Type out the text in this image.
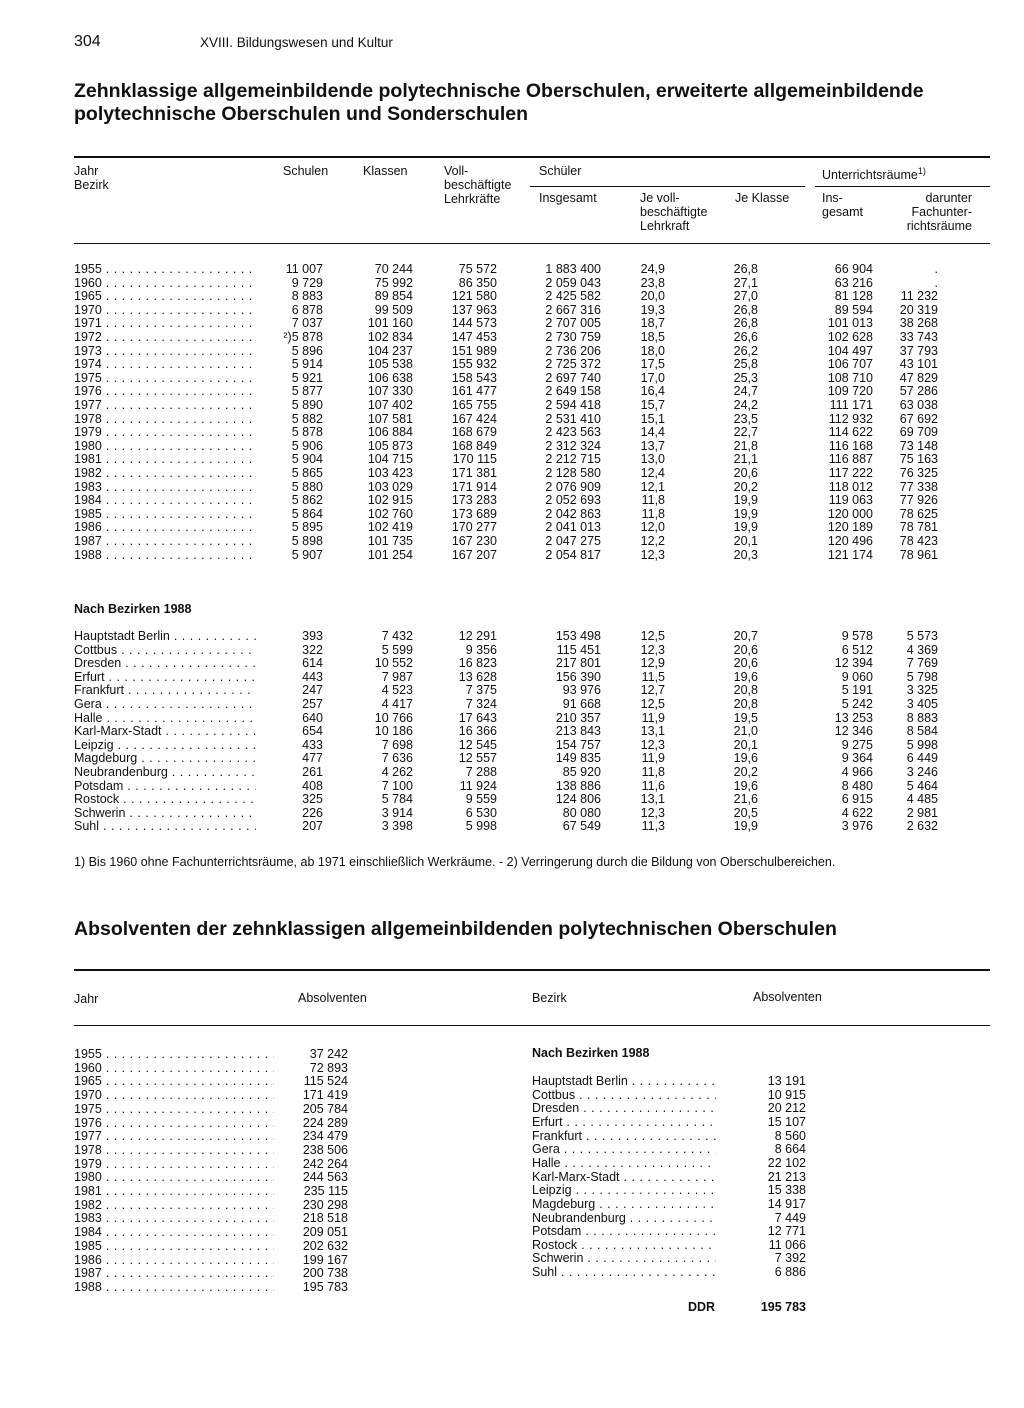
304	XVIII. Bildungswesen und Kultur
Zehnklassige allgemeinbildende polytechnische Oberschulen, erweiterte allgemeinbildende polytechnische Oberschulen und Sonderschulen
Jahr
Bezirk
Schulen	Klassen	Voll-
beschäftigte
Lehrkräfte
Schüler
Insgesamt	Je voll-
beschäftigte
Lehrkraft
Je Klasse
Unterrichtsräume$^{1)}$
Ins-
gesamt
darunter
Fachunter-
richtsräume
1955 . . .	11 007	70 244	75 572	1 883 400	24,9	26,8	66 904	.
1960 . . .	9 729	75 992	86 350	2 059 043	23,8	27,1	63 216	.
1965 . . .	8 883	89 854	121 580	2 425 582	20,0	27,0	81 128	11 232
1970 . . .	6 878	99 509	137 963	2 667 316	19,3	26,8	89 594	20 319
1971 . . .	7 037	101 160	144 573	2 707 005	18,7	26,8	101 013	38 268
1972 . . .	²)5 878	102 834	147 453	2 730 759	18,5	26,6	102 628	33 743
1973 . . .	5 896	104 237	151 989	2 736 206	18,0	26,2	104 497	37 793
1974 . . .	5 914	105 538	155 932	2 725 372	17,5	25,8	106 707	43 101
1975 . . .	5 921	106 638	158 543	2 697 740	17,0	25,3	108 710	47 829
1976 . . .	5 877	107 330	161 477	2 649 158	16,4	24,7	109 720	57 286
1977 . . .	5 890	107 402	165 755	2 594 418	15,7	24,2	111 171	63 038
1978 . . .	5 882	107 581	167 424	2 531 410	15,1	23,5	112 932	67 692
1979 . . .	5 878	106 884	168 679	2 423 563	14,4	22,7	114 622	69 709
1980 . . .	5 906	105 873	168 849	2 312 324	13,7	21,8	116 168	73 148
1981 . . .	5 904	104 715	170 115	2 212 715	13,0	21,1	116 887	75 163
1982 . . .	5 865	103 423	171 381	2 128 580	12,4	20,6	117 222	76 325
1983 . . .	5 880	103 029	171 914	2 076 909	12,1	20,2	118 012	77 338
1984 . . .	5 862	102 915	173 283	2 052 693	11,8	19,9	119 063	77 926
1985 . . .	5 864	102 760	173 689	2 042 863	11,8	19,9	120 000	78 625
1986 . . .	5 895	102 419	170 277	2 041 013	12,0	19,9	120 189	78 781
1987 . . .	5 898	101 735	167 230	2 047 275	12,2	20,1	120 496	78 423
1988 . . .	5 907	101 254	167 207	2 054 817	12,3	20,3	121 174	78 961
Nach Bezirken 1988
Hauptstadt Berlin . . .	393	7 432	12 291	153 498	12,5	20,7	9 578	5 573
Cottbus . . .	322	5 599	9 356	115 451	12,3	20,6	6 512	4 369
Dresden . . .	614	10 552	16 823	217 801	12,9	20,6	12 394	7 769
Erfurt . . .	443	7 987	13 628	156 390	11,5	19,6	9 060	5 798
Frankfurt . . .	247	4 523	7 375	93 976	12,7	20,8	5 191	3 325
Gera . . .	257	4 417	7 324	91 668	12,5	20,8	5 242	3 405
Halle . . .	640	10 766	17 643	210 357	11,9	19,5	13 253	8 883
Karl-Marx-Stadt . . .	654	10 186	16 366	213 843	13,1	21,0	12 346	8 584
Leipzig . . .	433	7 698	12 545	154 757	12,3	20,1	9 275	5 998
Magdeburg . . .	477	7 636	12 557	149 835	11,9	19,6	9 364	6 449
Neubrandenburg . . .	261	4 262	7 288	85 920	11,8	20,2	4 966	3 246
Potsdam . . .	408	7 100	11 924	138 886	11,6	19,6	8 480	5 464
Rostock . . .	325	5 784	9 559	124 806	13,1	21,6	6 915	4 485
Schwerin . . .	226	3 914	6 530	80 080	12,3	20,5	4 622	2 981
Suhl . . .	207	3 398	5 998	67 549	11,3	19,9	3 976	2 632
1) Bis 1960 ohne Fachunterrichtsräume, ab 1971 einschließlich Werkräume. - 2) Verringerung durch die Bildung von Oberschulbereichen.
Absolventen der zehnklassigen allgemeinbildenden polytechnischen Oberschulen
Jahr	Absolventen	Bezirk	Absolventen
1955 . . .	37 242
1960 . . .	72 893
1965 . . .	115 524
1970 . . .	171 419
1975 . . .	205 784
1976 . . .	224 289
1977 . . .	234 479
1978 . . .	238 506
1979 . . .	242 264
1980 . . .	244 563
1981 . . .	235 115
1982 . . .	230 298
1983 . . .	218 518
1984 . . .	209 051
1985 . . .	202 632
1986 . . .	199 167
1987 . . .	200 738
1988 . . .	195 783
Nach Bezirken 1988
Hauptstadt Berlin . . .	13 191
Cottbus . . .	10 915
Dresden . . .	20 212
Erfurt . . .	15 107
Frankfurt . . .	8 560
Gera . . .	8 664
Halle . . .	22 102
Karl-Marx-Stadt . . .	21 213
Leipzig . . .	15 338
Magdeburg . . .	14 917
Neubrandenburg . . .	7 449
Potsdam . . .	12 771
Rostock . . .	11 066
Schwerin . . .	7 392
Suhl . . .	6 886
DDR	195 783
